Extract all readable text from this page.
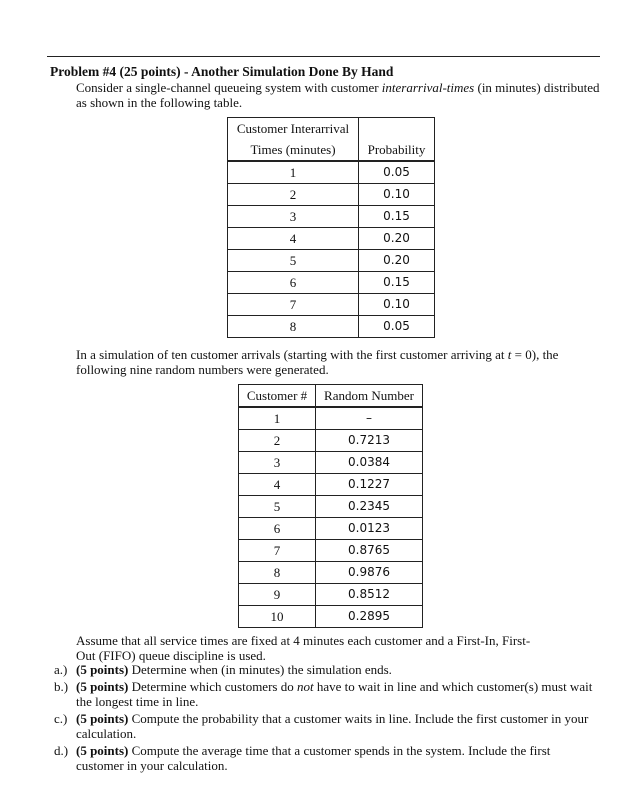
Problem #4 (25 points) - Another Simulation Done By Hand
Consider a single-channel queueing system with customer interarrival-times (in minutes) distributed as shown in the following table.
Customer Interarrival	
Times (minutes)	Probability
1	0.05
2	0.10
3	0.15
4	0.20
5	0.20
6	0.15
7	0.10
8	0.05
In a simulation of ten customer arrivals (starting with the first customer arriving at t = 0), the following nine random numbers were generated.
Customer #	Random Number
1	–
2	0.7213
3	0.0384
4	0.1227
5	0.2345
6	0.0123
7	0.8765
8	0.9876
9	0.8512
10	0.2895
Assume that all service times are fixed at 4 minutes each customer and a First-In, First-Out (FIFO) queue discipline is used.
a.) (5 points) Determine when (in minutes) the simulation ends.
b.) (5 points) Determine which customers do not have to wait in line and which customer(s) must wait the longest time in line.
c.) (5 points) Compute the probability that a customer waits in line. Include the first customer in your calculation.
d.) (5 points) Compute the average time that a customer spends in the system. Include the first customer in your calculation.
